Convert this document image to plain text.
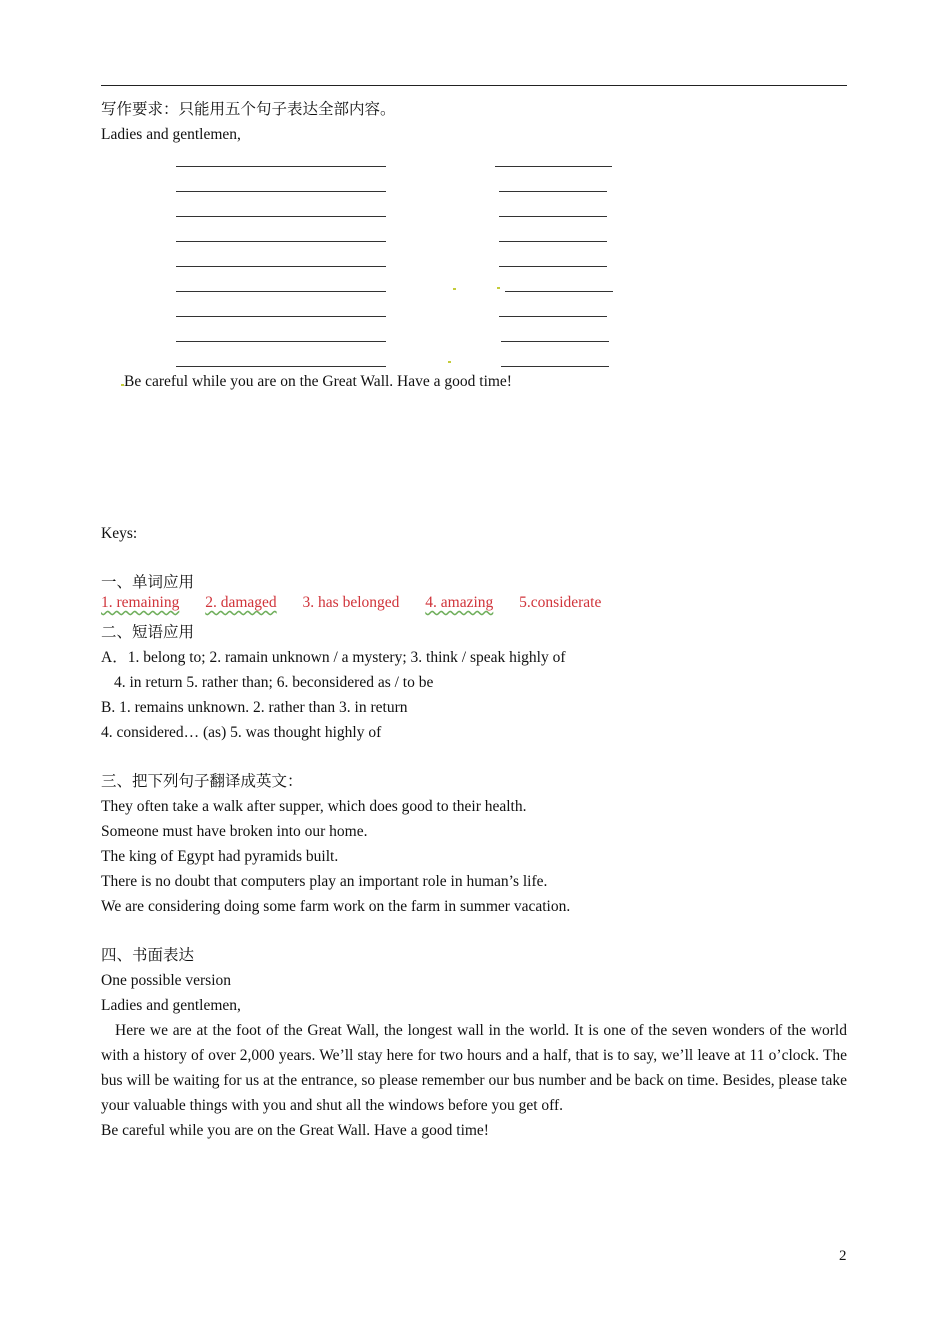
写作要求：只能用五个句子表达全部内容。
Ladies and gentlemen,
Be careful while you are on the Great Wall. Have a good time!
Keys:
一、单词应用
1. remaining 2. damaged 3. has belonged 4. amazing 5.considerate
二、短语应用
A．1. belong to; 2. ramain unknown / a mystery; 3. think / speak highly of
4. in return 5. rather than; 6. beconsidered as / to be
B. 1. remains unknown. 2. rather than 3. in return
4. considered… (as) 5. was thought highly of
三、把下列句子翻译成英文：
They often take a walk after supper, which does good to their health.
Someone must have broken into our home.
The king of Egypt had pyramids built.
There is no doubt that computers play an important role in human’s life.
We are considering doing some farm work on the farm in summer vacation.
四、书面表达
One possible version
Ladies and gentlemen,
Here we are at the foot of the Great Wall, the longest wall in the world. It is one of the seven wonders of the world with a history of over 2,000 years. We’ll stay here for two hours and a half, that is to say, we’ll leave at 11 o’clock. The bus will be waiting for us at the entrance, so please remember our bus number and be back on time. Besides, please take your valuable things with you and shut all the windows before you get off.
Be careful while you are on the Great Wall. Have a good time!
2
